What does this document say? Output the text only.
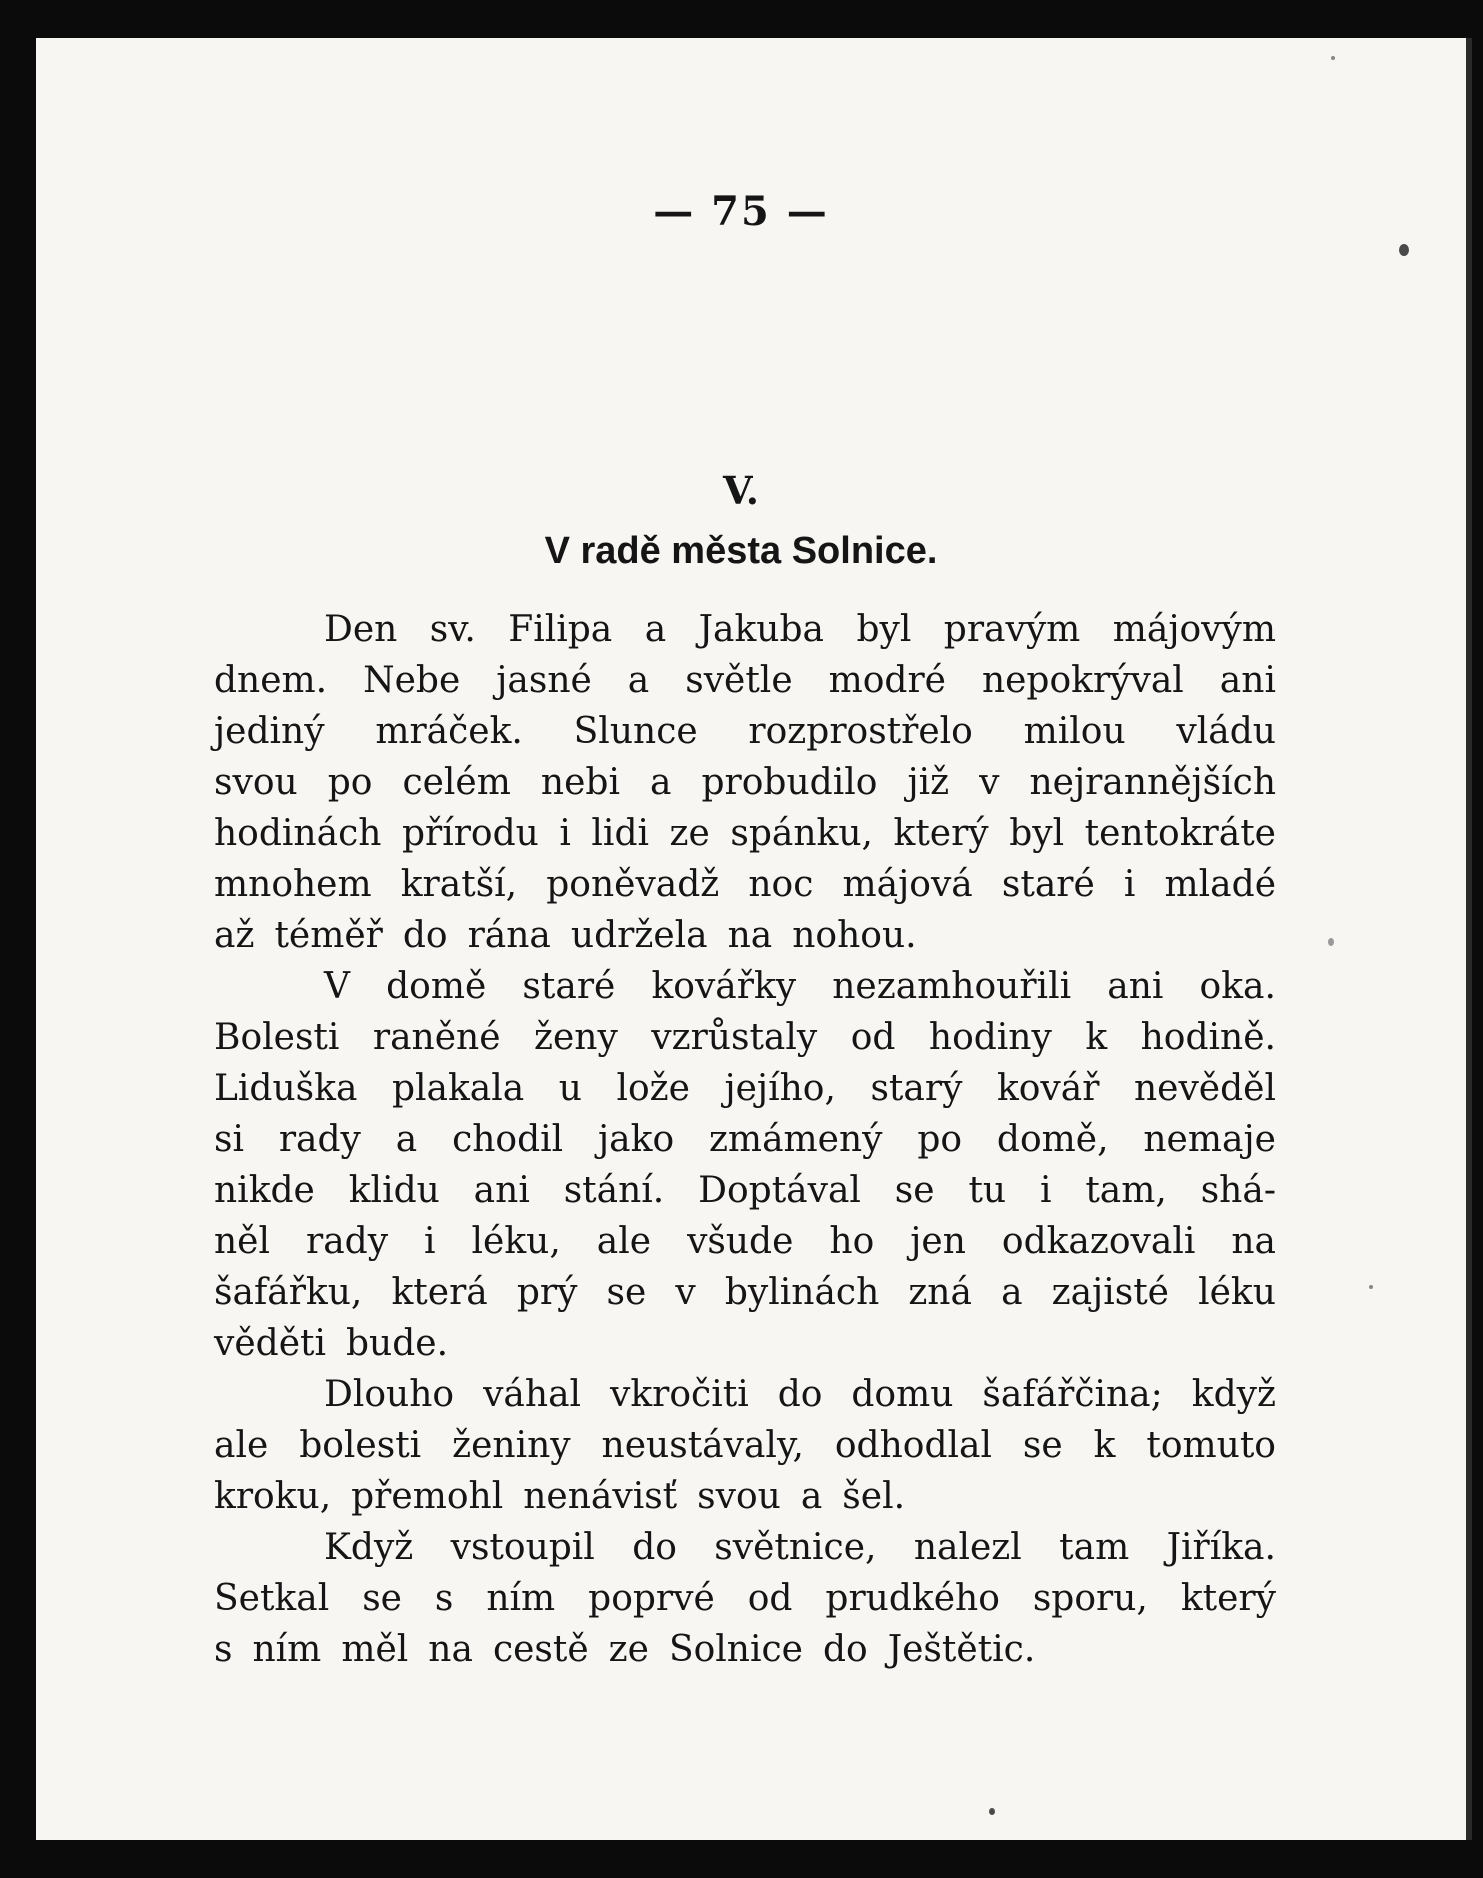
— 75 —
V.
V radě města Solnice.
Den sv. Filipa a Jakuba byl pravým májovým
dnem. Nebe jasné a světle modré nepokrýval ani
jediný mráček. Slunce rozprostřelo milou vládu
svou po celém nebi a probudilo již v nejrannějších
hodinách přírodu i lidi ze spánku, který byl tentokráte
mnohem kratší, poněvadž noc májová staré i mladé
až téměř do rána udržela na nohou.
V domě staré kovářky nezamhouřili ani oka.
Bolesti raněné ženy vzrůstaly od hodiny k hodině.
Liduška plakala u lože jejího, starý kovář nevěděl
si rady a chodil jako zmámený po domě, nemaje
nikde klidu ani stání. Doptával se tu i tam, shá-
něl rady i léku, ale všude ho jen odkazovali na
šafářku, která prý se v bylinách zná a zajisté léku
věděti bude.
Dlouho váhal vkročiti do domu šafářčina; když
ale bolesti ženiny neustávaly, odhodlal se k tomuto
kroku, přemohl nenávisť svou a šel.
Když vstoupil do světnice, nalezl tam Jiříka.
Setkal se s ním poprvé od prudkého sporu, který
s ním měl na cestě ze Solnice do Ještětic.
